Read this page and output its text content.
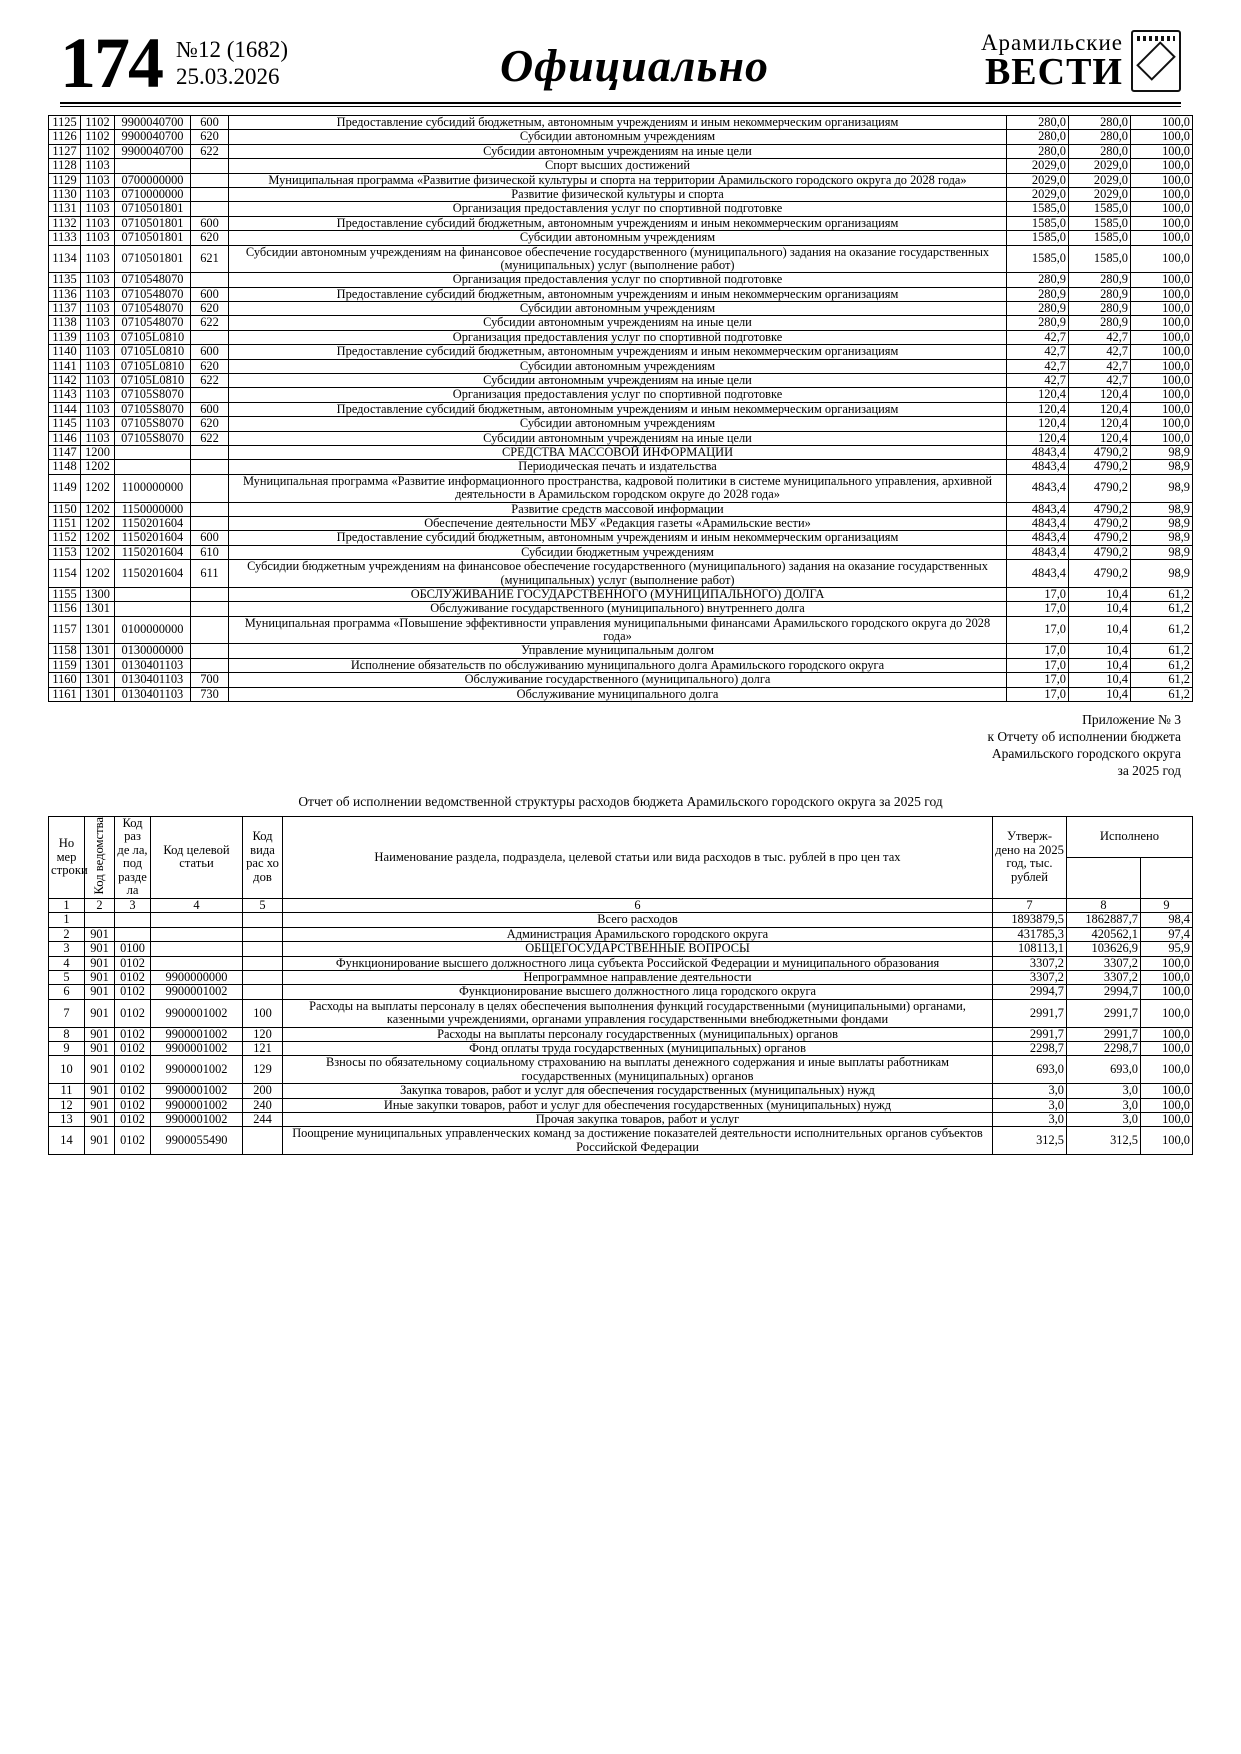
174 №12 (1682)
25.03.2026	Официально	Арамильские
ВЕСТИ
1125	1102	9900040700	600	Предоставление субсидий бюджетным, автономным учреждениям и иным некоммерческим организациям	280,0	280,0	100,0
1126	1102	9900040700	620	Субсидии автономным учреждениям	280,0	280,0	100,0
1127	1102	9900040700	622	Субсидии автономным учреждениям на иные цели	280,0	280,0	100,0
1128	1103			Спорт высших достижений	2029,0	2029,0	100,0
1129	1103	0700000000		Муниципальная программа «Развитие физической культуры и спорта на территории Арамильского городского округа до 2028 года»	2029,0	2029,0	100,0
1130	1103	0710000000		Развитие физической культуры и спорта	2029,0	2029,0	100,0
1131	1103	0710501801		Организация предоставления услуг по спортивной подготовке	1585,0	1585,0	100,0
1132	1103	0710501801	600	Предоставление субсидий бюджетным, автономным учреждениям и иным некоммерческим организациям	1585,0	1585,0	100,0
1133	1103	0710501801	620	Субсидии автономным учреждениям	1585,0	1585,0	100,0
1134	1103	0710501801	621	Субсидии автономным учреждениям на финансовое обеспечение государственного (муниципального) задания на оказание государственных (муниципальных) услуг (выполнение работ)	1585,0	1585,0	100,0
1135	1103	0710548070		Организация предоставления услуг по спортивной подготовке	280,9	280,9	100,0
1136	1103	0710548070	600	Предоставление субсидий бюджетным, автономным учреждениям и иным некоммерческим организациям	280,9	280,9	100,0
1137	1103	0710548070	620	Субсидии автономным учреждениям	280,9	280,9	100,0
1138	1103	0710548070	622	Субсидии автономным учреждениям на иные цели	280,9	280,9	100,0
1139	1103	07105L0810		Организация предоставления услуг по спортивной подготовке	42,7	42,7	100,0
1140	1103	07105L0810	600	Предоставление субсидий бюджетным, автономным учреждениям и иным некоммерческим организациям	42,7	42,7	100,0
1141	1103	07105L0810	620	Субсидии автономным учреждениям	42,7	42,7	100,0
1142	1103	07105L0810	622	Субсидии автономным учреждениям на иные цели	42,7	42,7	100,0
1143	1103	07105S8070		Организация предоставления услуг по спортивной подготовке	120,4	120,4	100,0
1144	1103	07105S8070	600	Предоставление субсидий бюджетным, автономным учреждениям и иным некоммерческим организациям	120,4	120,4	100,0
1145	1103	07105S8070	620	Субсидии автономным учреждениям	120,4	120,4	100,0
1146	1103	07105S8070	622	Субсидии автономным учреждениям на иные цели	120,4	120,4	100,0
1147	1200			СРЕДСТВА МАССОВОЙ ИНФОРМАЦИИ	4843,4	4790,2	98,9
1148	1202			Периодическая печать и издательства	4843,4	4790,2	98,9
1149	1202	1100000000		Муниципальная программа «Развитие информационного пространства, кадровой политики в системе муниципального управления, архивной деятельности в Арамильском городском округе до 2028 года»	4843,4	4790,2	98,9
1150	1202	1150000000		Развитие средств массовой информации	4843,4	4790,2	98,9
1151	1202	1150201604		Обеспечение деятельности МБУ «Редакция газеты «Арамильские вести»	4843,4	4790,2	98,9
1152	1202	1150201604	600	Предоставление субсидий бюджетным, автономным учреждениям и иным некоммерческим организациям	4843,4	4790,2	98,9
1153	1202	1150201604	610	Субсидии бюджетным учреждениям	4843,4	4790,2	98,9
1154	1202	1150201604	611	Субсидии бюджетным учреждениям на финансовое обеспечение государственного (муниципального) задания на оказание государственных (муниципальных) услуг (выполнение работ)	4843,4	4790,2	98,9
1155	1300			ОБСЛУЖИВАНИЕ ГОСУДАРСТВЕННОГО (МУНИЦИПАЛЬНОГО) ДОЛГА	17,0	10,4	61,2
1156	1301			Обслуживание государственного (муниципального) внутреннего долга	17,0	10,4	61,2
1157	1301	0100000000		Муниципальная программа «Повышение эффективности управления муниципальными финансами Арамильского городского округа до 2028 года»	17,0	10,4	61,2
1158	1301	0130000000		Управление муниципальным долгом	17,0	10,4	61,2
1159	1301	0130401103		Исполнение обязательств по обслуживанию муниципального долга Арамильского городского округа	17,0	10,4	61,2
1160	1301	0130401103	700	Обслуживание государственного (муниципального) долга	17,0	10,4	61,2
1161	1301	0130401103	730	Обслуживание муниципального долга	17,0	10,4	61,2
Приложение № 3
к Отчету об исполнении бюджета
Арамильского городского округа
за 2025 год
Отчет об исполнении ведомственной структуры расходов бюджета Арамильского городского округа за 2025 год
Но мер строки	Код ведомства	Код раз де ла, под разде ла	Код целевой статьи	Код вида рас хо дов	Наименование раздела, подраздела, целевой статьи или вида расходов в тыс. рублей в про цен тах	Утверж-дено на 2025 год, тыс. рублей	Исполнено	

1	2	3	4	5	6	7	8	9
1					Всего расходов	1893879,5	1862887,7	98,4
2	901				Администрация Арамильского городского округа	431785,3	420562,1	97,4
3	901	0100			ОБЩЕГОСУДАРСТВЕННЫЕ ВОПРОСЫ	108113,1	103626,9	95,9
4	901	0102			Функционирование высшего должностного лица субъекта Российской Федерации и муниципального образования	3307,2	3307,2	100,0
5	901	0102	9900000000		Непрограммное направление деятельности	3307,2	3307,2	100,0
6	901	0102	9900001002		Функционирование высшего должностного лица городского округа	2994,7	2994,7	100,0
7	901	0102	9900001002	100	Расходы на выплаты персоналу в целях обеспечения выполнения функций государственными (муниципальными) органами, казенными учреждениями, органами управления государственными внебюджетными фондами	2991,7	2991,7	100,0
8	901	0102	9900001002	120	Расходы на выплаты персоналу государственных (муниципальных) органов	2991,7	2991,7	100,0
9	901	0102	9900001002	121	Фонд оплаты труда государственных (муниципальных) органов	2298,7	2298,7	100,0
10	901	0102	9900001002	129	Взносы по обязательному социальному страхованию на выплаты денежного содержания и иные выплаты работникам государственных (муниципальных) органов	693,0	693,0	100,0
11	901	0102	9900001002	200	Закупка товаров, работ и услуг для обеспечения государственных (муниципальных) нужд	3,0	3,0	100,0
12	901	0102	9900001002	240	Иные закупки товаров, работ и услуг для обеспечения государственных (муниципальных) нужд	3,0	3,0	100,0
13	901	0102	9900001002	244	Прочая закупка товаров, работ и услуг	3,0	3,0	100,0
14	901	0102	9900055490		Поощрение муниципальных управленческих команд за достижение показателей деятельности исполнительных органов субъектов Российской Федерации	312,5	312,5	100,0
